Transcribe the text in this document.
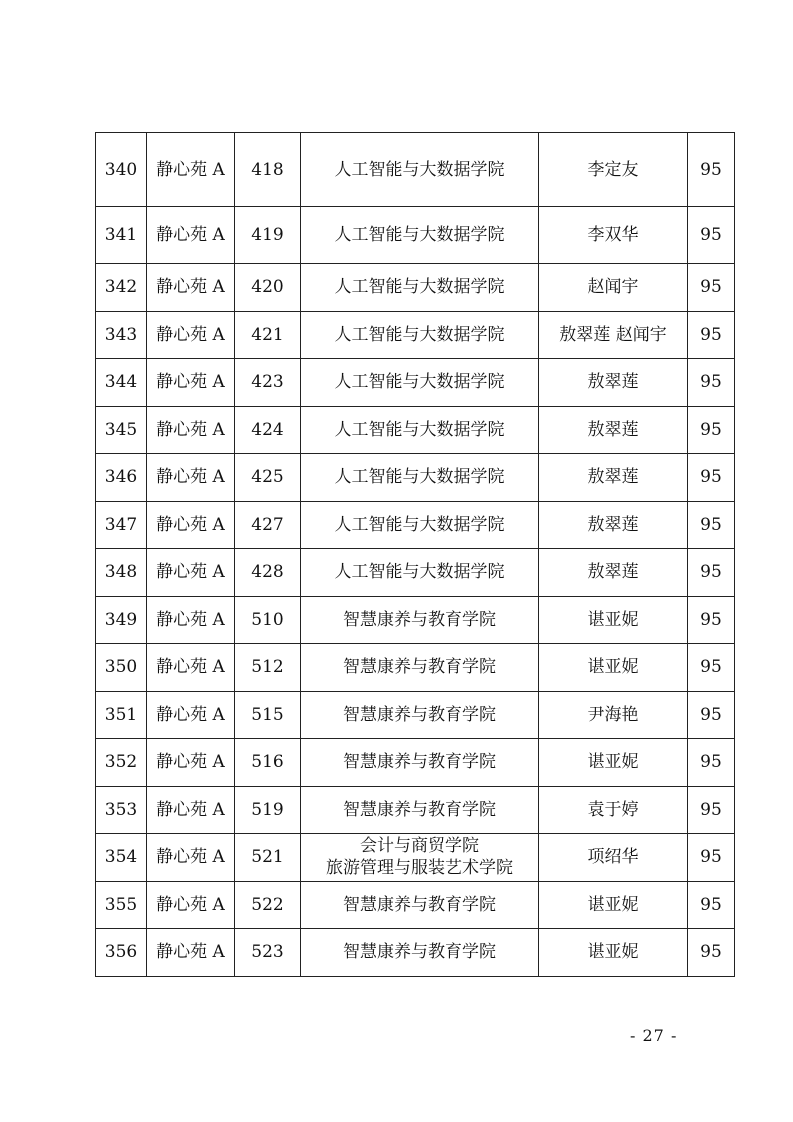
340	静心苑 A	418	人工智能与大数据学院	李定友	95
341	静心苑 A	419	人工智能与大数据学院	李双华	95
342	静心苑 A	420	人工智能与大数据学院	赵闻宇	95
343	静心苑 A	421	人工智能与大数据学院	敖翠莲 赵闻宇	95
344	静心苑 A	423	人工智能与大数据学院	敖翠莲	95
345	静心苑 A	424	人工智能与大数据学院	敖翠莲	95
346	静心苑 A	425	人工智能与大数据学院	敖翠莲	95
347	静心苑 A	427	人工智能与大数据学院	敖翠莲	95
348	静心苑 A	428	人工智能与大数据学院	敖翠莲	95
349	静心苑 A	510	智慧康养与教育学院	谌亚妮	95
350	静心苑 A	512	智慧康养与教育学院	谌亚妮	95
351	静心苑 A	515	智慧康养与教育学院	尹海艳	95
352	静心苑 A	516	智慧康养与教育学院	谌亚妮	95
353	静心苑 A	519	智慧康养与教育学院	袁于婷	95
354	静心苑 A	521	会计与商贸学院
旅游管理与服装艺术学院	项绍华	95
355	静心苑 A	522	智慧康养与教育学院	谌亚妮	95
356	静心苑 A	523	智慧康养与教育学院	谌亚妮	95
- 27 -
